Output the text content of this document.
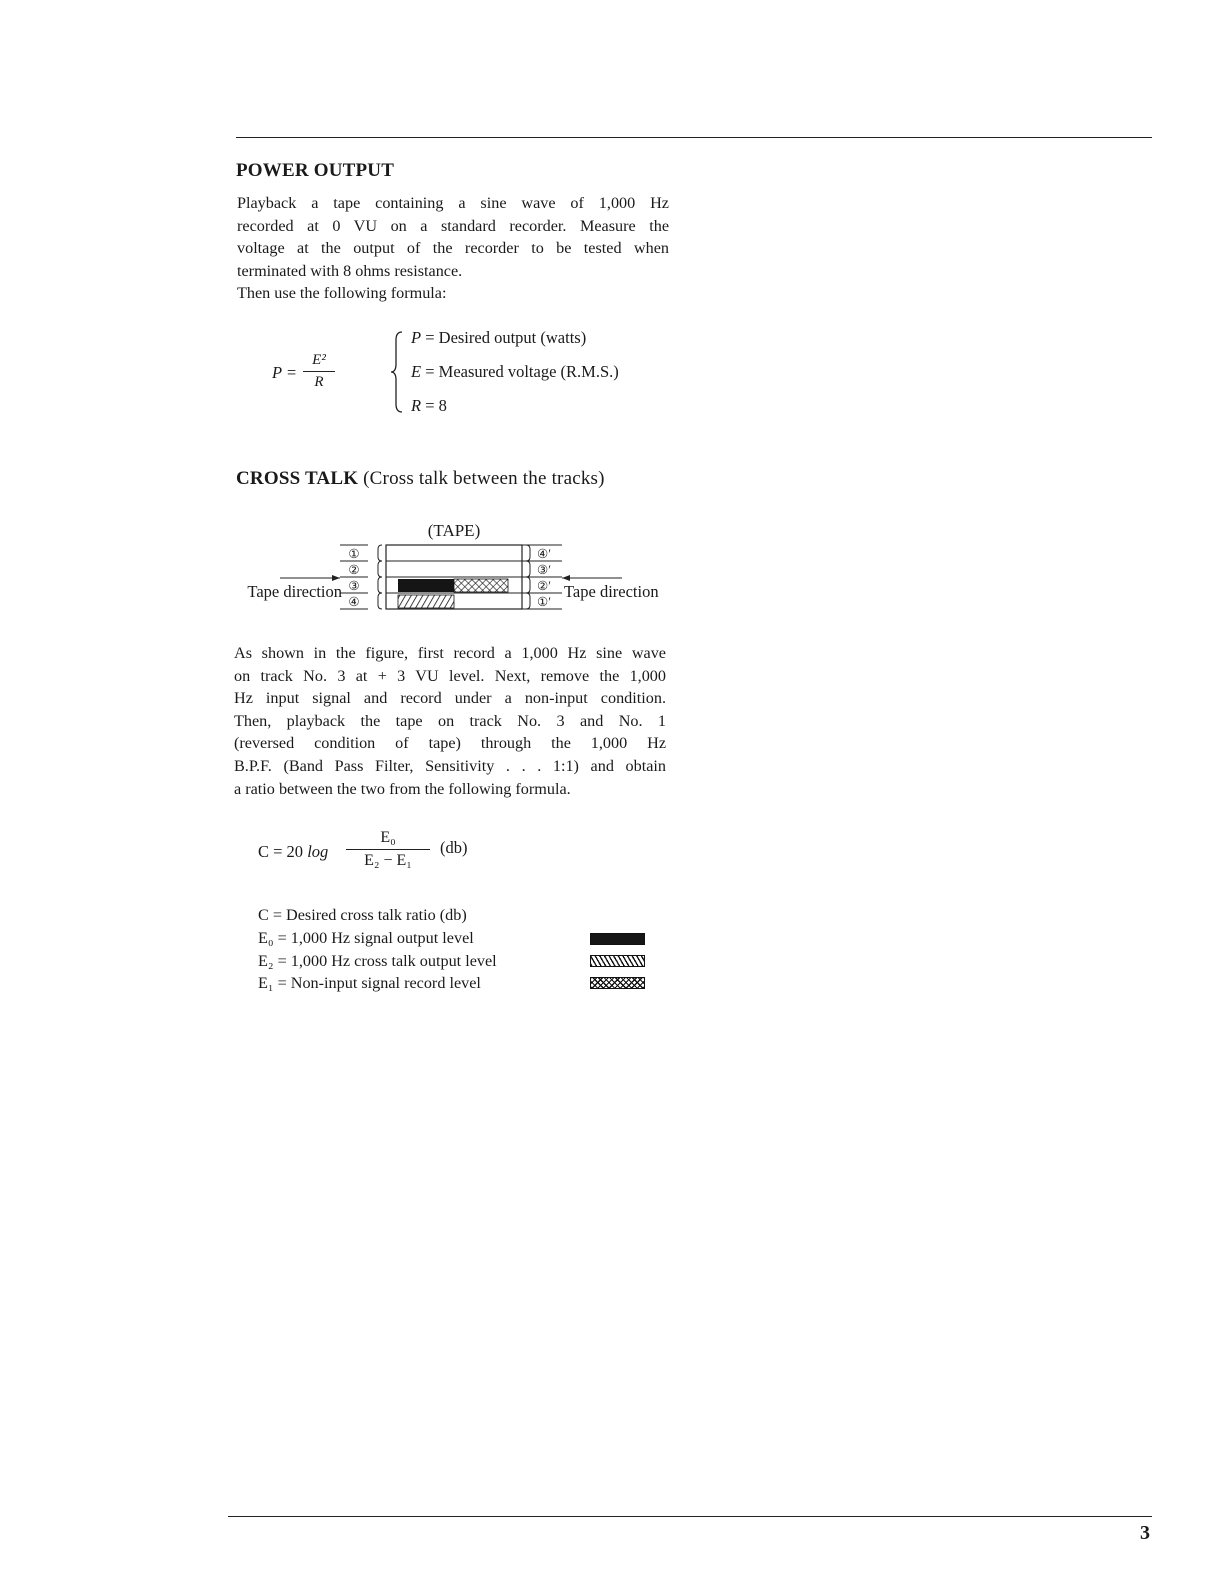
POWER OUTPUT
Playback a tape containing a sine wave of 1,000 Hz
recorded at 0 VU on a standard recorder. Measure the
voltage at the output of the recorder to be tested when
terminated with 8 ohms resistance.
Then use the following formula:
P =
E²
R
P = Desired output (watts)
E = Measured voltage (R.M.S.)
R = 8
CROSS TALK (Cross talk between the tracks)
(TAPE)
①
②
③
④
④′
③′
②′
①′
Tape direction	Tape direction
As shown in the figure, first record a 1,000 Hz sine wave
on track No. 3 at + 3 VU level. Next, remove the 1,000
Hz input signal and record under a non-input condition.
Then, playback the tape on track No. 3 and No. 1
(reversed condition of tape) through the 1,000 Hz
B.P.F. (Band Pass Filter, Sensitivity . . . 1:1) and obtain
a ratio between the two from the following formula.
C = 20 log
E₀
E₂ − E₁
(db)
C = Desired cross talk ratio (db)
E₀ = 1,000 Hz signal output level
E₂ = 1,000 Hz cross talk output level
E₁ = Non-input signal record level
3
